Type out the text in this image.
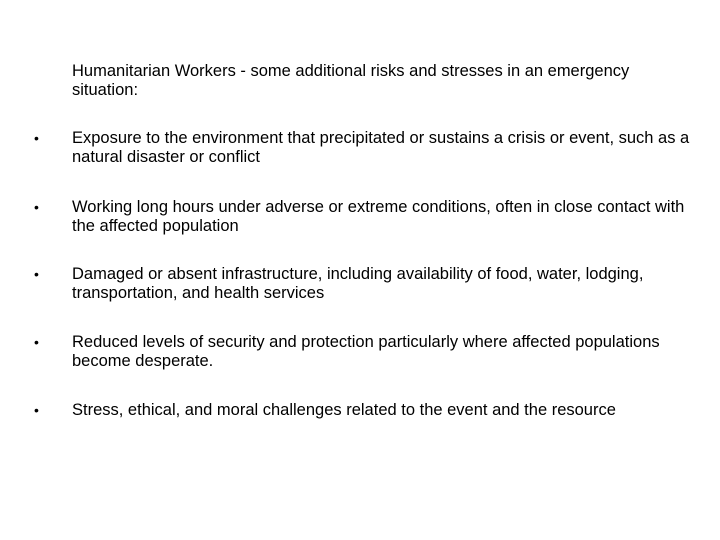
Humanitarian Workers - some additional risks and stresses in an emergency situation:

• Exposure to the environment that precipitated or sustains a crisis or event, such as a natural disaster or conflict
• Working long hours under adverse or extreme conditions, often in close contact with the affected population
• Damaged or absent infrastructure, including availability of food, water, lodging, transportation, and health services
• Reduced levels of security and protection particularly where affected populations become desperate.
• Stress, ethical, and moral challenges related to the event and the resource
